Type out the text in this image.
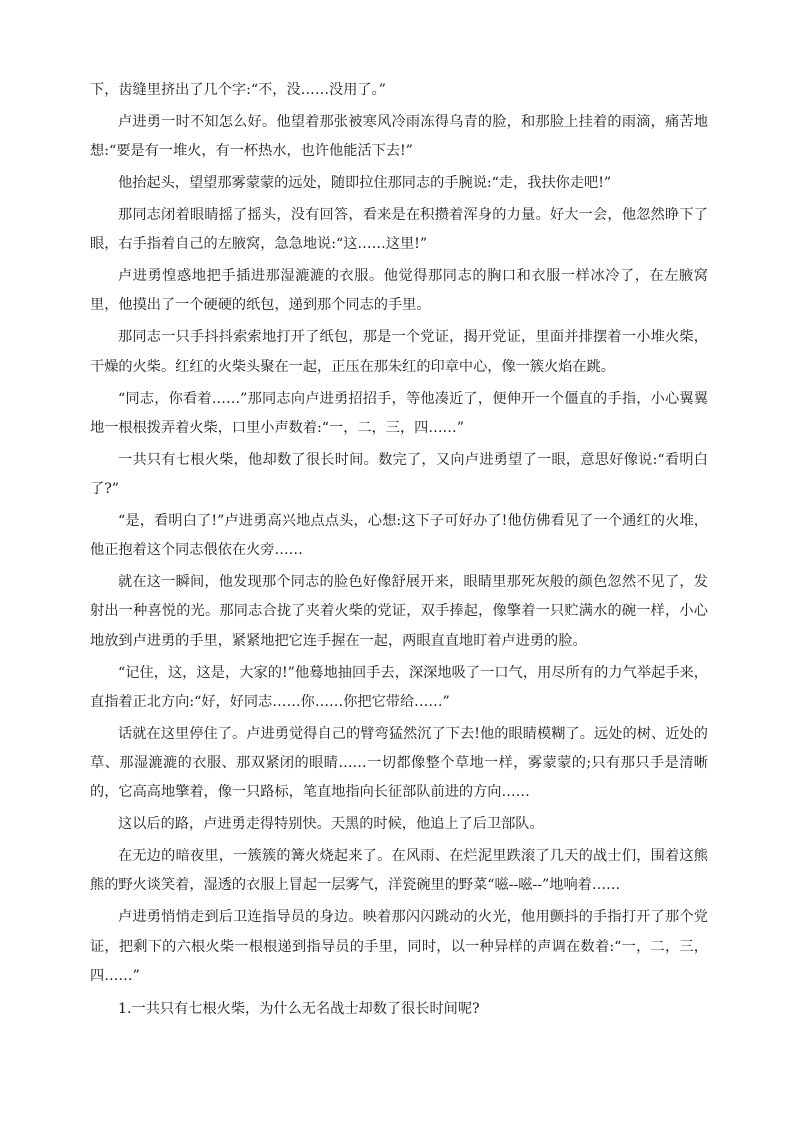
下，齿缝里挤出了几个字:“不，没……没用了。”

卢进勇一时不知怎么好。他望着那张被寒风冷雨冻得乌青的脸，和那脸上挂着的雨滴，痛苦地想:“要是有一堆火，有一杯热水，也许他能活下去!”

他抬起头，望望那雾蒙蒙的远处，随即拉住那同志的手腕说:“走，我扶你走吧!”

那同志闭着眼睛摇了摇头，没有回答，看来是在积攒着浑身的力量。好大一会，他忽然睁下了眼，右手指着自己的左腋窝，急急地说:“这……这里!”

卢进勇惶惑地把手插进那湿漉漉的衣服。他觉得那同志的胸口和衣服一样冰冷了，在左腋窝里，他摸出了一个硬硬的纸包，递到那个同志的手里。

那同志一只手抖抖索索地打开了纸包，那是一个党证，揭开党证，里面并排摆着一小堆火柴，干燥的火柴。红红的火柴头聚在一起，正压在那朱红的印章中心，像一簇火焰在跳。

“同志，你看着……”那同志向卢进勇招招手，等他凑近了，便伸开一个僵直的手指，小心翼翼地一根根拨弄着火柴，口里小声数着:“一，二，三，四……”

一共只有七根火柴，他却数了很长时间。数完了，又向卢进勇望了一眼，意思好像说:“看明白了?”

“是，看明白了!”卢进勇高兴地点点头，心想:这下子可好办了!他仿佛看见了一个通红的火堆，他正抱着这个同志偎依在火旁……

就在这一瞬间，他发现那个同志的脸色好像舒展开来，眼睛里那死灰般的颜色忽然不见了，发射出一种喜悦的光。那同志合拢了夹着火柴的党证，双手捧起，像擎着一只贮满水的碗一样，小心地放到卢进勇的手里，紧紧地把它连手握在一起，两眼直直地盯着卢进勇的脸。

“记住，这，这是，大家的!”他蓦地抽回手去，深深地吸了一口气，用尽所有的力气举起手来，直指着正北方向:“好，好同志……你……你把它带给……”

话就在这里停住了。卢进勇觉得自己的臂弯猛然沉了下去!他的眼睛模糊了。远处的树、近处的草、那湿漉漉的衣服、那双紧闭的眼睛……一切都像整个草地一样，雾蒙蒙的;只有那只手是清晰的，它高高地擎着，像一只路标，笔直地指向长征部队前进的方向……

这以后的路，卢进勇走得特别快。天黑的时候，他追上了后卫部队。

在无边的暗夜里，一簇簇的篝火烧起来了。在风雨、在烂泥里跌滚了几天的战士们，围着这熊熊的野火谈笑着，湿透的衣服上冒起一层雾气，洋瓷碗里的野菜“嗞--嗞--”地响着……

卢进勇悄悄走到后卫连指导员的身边。映着那闪闪跳动的火光，他用颤抖的手指打开了那个党证，把剩下的六根火柴一根根递到指导员的手里，同时，以一种异样的声调在数着:“一，二，三，四……”

1.一共只有七根火柴，为什么无名战士却数了很长时间呢?
